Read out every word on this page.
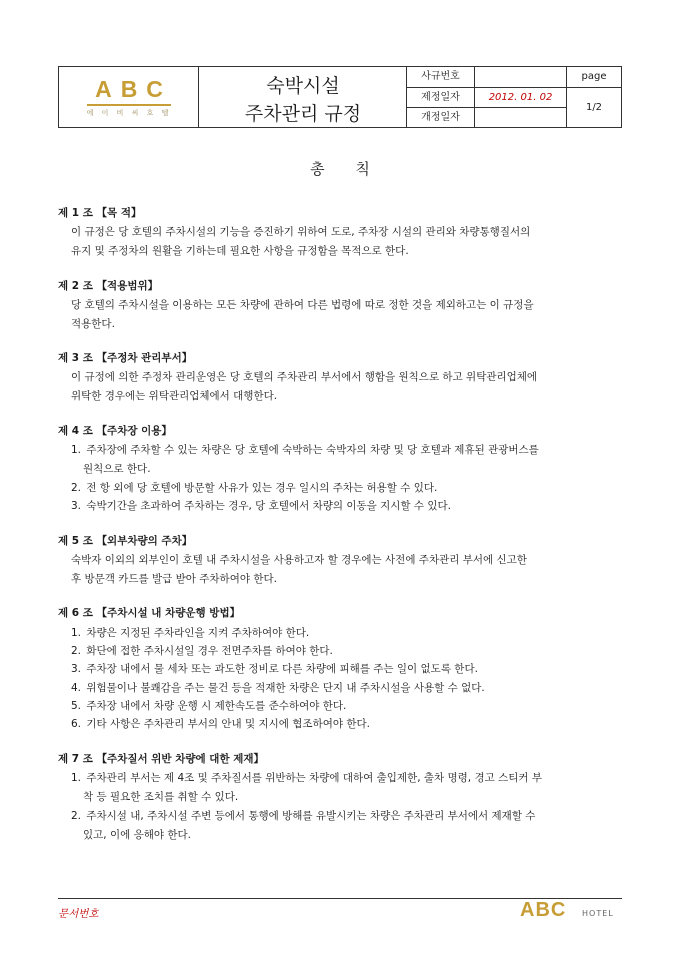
ABC
에 이 비 씨 호 텔
숙박시설
주차관리 규정
사규번호
제정일자	2012. 01. 02
개정일자
page
1/2
총 칙
제 1 조 【목 적】
이 규정은 당 호텔의 주차시설의 기능을 증진하기 위하여 도로, 주차장 시설의 관리와 차량통행질서의
유지 및 주정차의 원활을 기하는데 필요한 사항을 규정함을 목적으로 한다.
제 2 조 【적용범위】
당 호텔의 주차시설을 이용하는 모든 차량에 관하여 다른 법령에 따로 정한 것을 제외하고는 이 규정을
적용한다.
제 3 조 【주정차 관리부서】
이 규정에 의한 주정차 관리운영은 당 호텔의 주차관리 부서에서 행함을 원칙으로 하고 위탁관리업체에
위탁한 경우에는 위탁관리업체에서 대행한다.
제 4 조 【주차장 이용】
1. 주차장에 주차할 수 있는 차량은 당 호텔에 숙박하는 숙박자의 차량 및 당 호텔과 제휴된 관광버스를
원칙으로 한다.
2. 전 항 외에 당 호텔에 방문할 사유가 있는 경우 일시의 주차는 허용할 수 있다.
3. 숙박기간을 초과하여 주차하는 경우, 당 호텔에서 차량의 이동을 지시할 수 있다.
제 5 조 【외부차량의 주차】
숙박자 이외의 외부인이 호텔 내 주차시설을 사용하고자 할 경우에는 사전에 주차관리 부서에 신고한
후 방문객 카드를 발급 받아 주차하여야 한다.
제 6 조 【주차시설 내 차량운행 방법】
1. 차량은 지정된 주차라인을 지켜 주차하여야 한다.
2. 화단에 접한 주차시설일 경우 전면주차를 하여야 한다.
3. 주차장 내에서 물 세차 또는 과도한 정비로 다른 차량에 피해를 주는 일이 없도록 한다.
4. 위험물이나 불쾌감을 주는 물건 등을 적재한 차량은 단지 내 주차시설을 사용할 수 없다.
5. 주차장 내에서 차량 운행 시 제한속도를 준수하여야 한다.
6. 기타 사항은 주차관리 부서의 안내 및 지시에 협조하여야 한다.
제 7 조 【주차질서 위반 차량에 대한 제재】
1. 주차관리 부서는 제 4조 및 주차질서를 위반하는 차량에 대하여 출입제한, 출차 명령, 경고 스티커 부
착 등 필요한 조치를 취할 수 있다.
2. 주차시설 내, 주차시설 주변 등에서 통행에 방해를 유발시키는 차량은 주차관리 부서에서 제재할 수
있고, 이에 응해야 한다.
문서번호	ABC HOTEL
